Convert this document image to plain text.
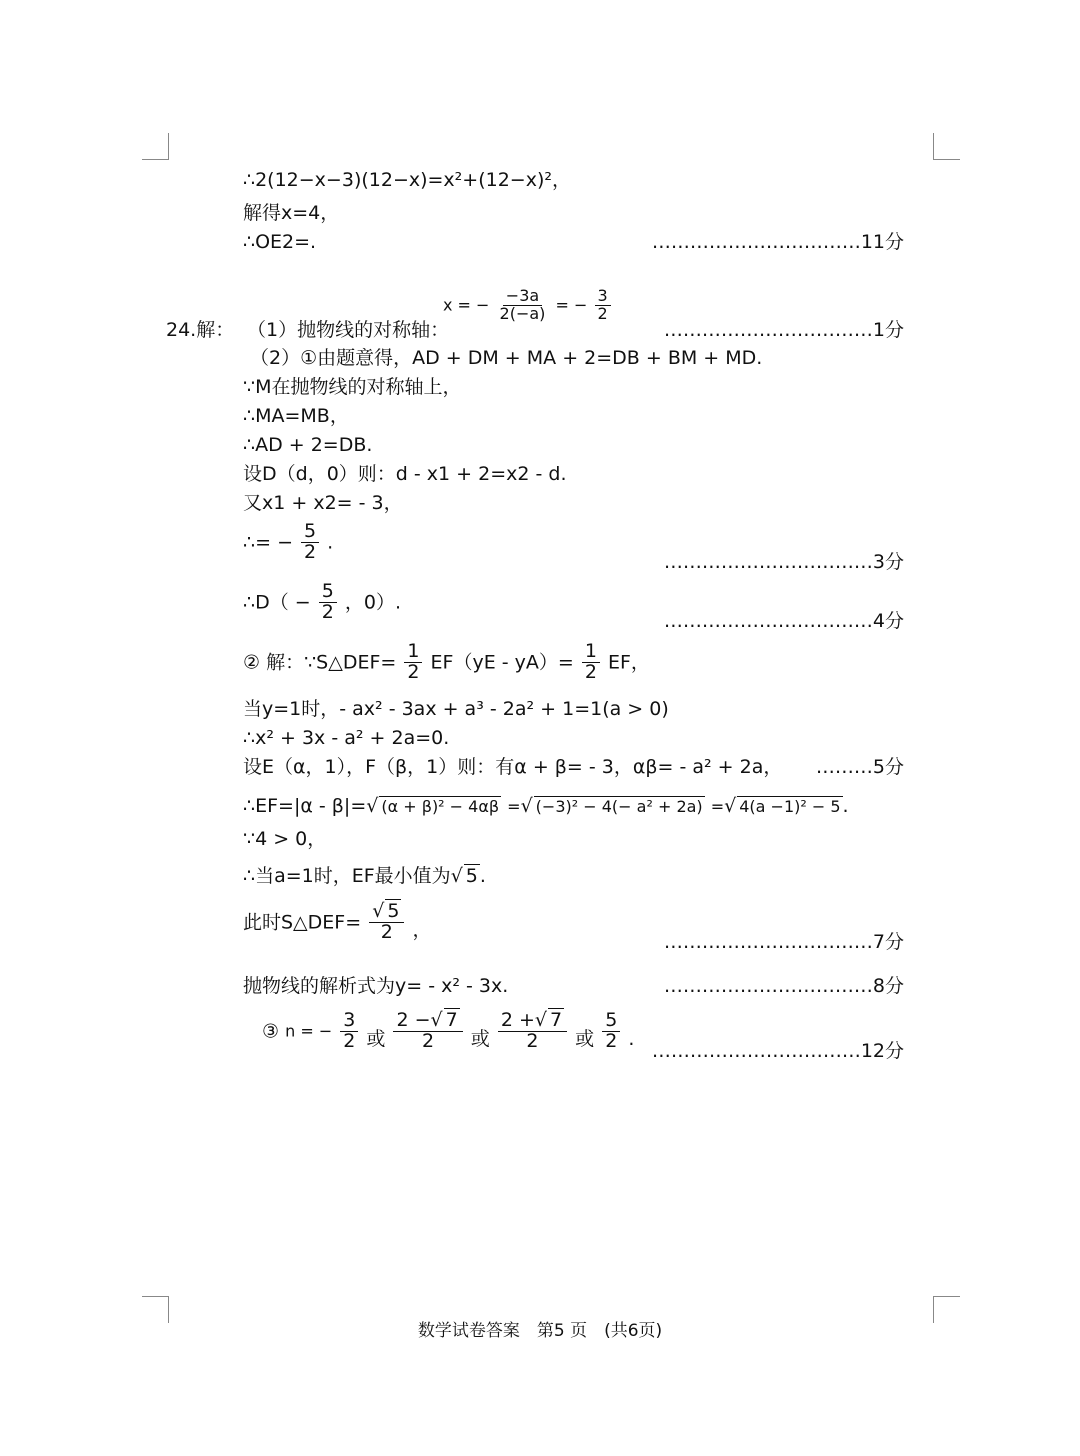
∴2(12−x−3)(12−x)=x²+(12−x)²，
解得x=4，
∴OE2=.	……………………………11分
24.解： （1）抛物线的对称轴：
x = − $\frac{-3a}{2(-a)}$ = − $\frac{3}{2}$
……………………………1分
（2）①由题意得，AD + DM + MA + 2=DB + BM + MD.
∵M在抛物线的对称轴上，
∴MA=MB，
∴AD + 2=DB.
设D（d，0）则：d - x1 + 2=x2 - d.
又x1 + x2= - 3，
∴= − $\frac{5}{2}$ .
……………………………3分
∴D（ − $\frac{5}{2}$ ，0）.
……………………………4分
② 解：∵S△DEF= $\frac{1}{2} EF(yE - yA)= \frac{1}{2}$ EF，
当y=1时，- ax² - 3ax + a³ - 2a² + 1=1(a > 0)
∴x² + 3x - a² + 2a=0.
设E（α，1），F（β，1）则：有α + β= - 3，αβ= - a² + 2a， ………5分
∴EF=|α - β|=√ (α + β)² − 4αβ =√ (−3)² − 4(− a² + 2a) =√ 4(a −1)² − 5 .
∵4 > 0，
∴当a=1时，EF最小值为√ 5 .
此时S△DEF= $\frac{√ 5}{2}$ ，
……………………………7分
抛物线的解析式为y= - x² - 3x.	……………………………8分
③ n = − $\frac{3}{2}$ 或 $\frac{2 -√ 7}{2}$ 或 $\frac{2 +√ 7}{2}$ 或 $\frac{5}{2}$ .
……………………………12分
数学试卷答案　第5 页　(共6页)
